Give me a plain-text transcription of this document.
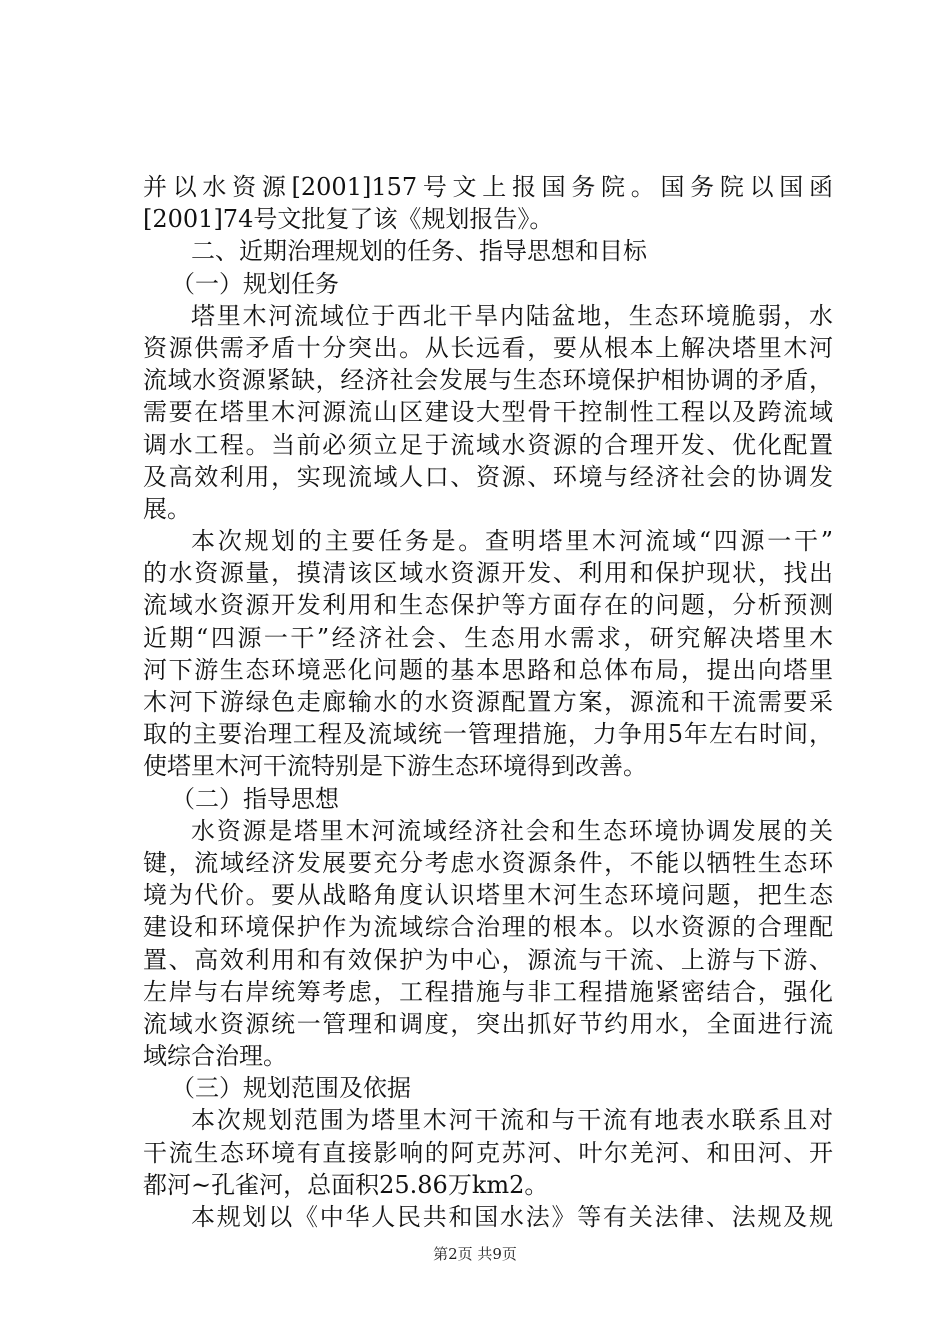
并以水资源[2001]157号文上报国务院。国务院以国函
[2001]74号文批复了该《规划报告》。
二、近期治理规划的任务、指导思想和目标
（一）规划任务
塔里木河流域位于西北干旱内陆盆地，生态环境脆弱，水
资源供需矛盾十分突出。从长远看，要从根本上解决塔里木河
流域水资源紧缺，经济社会发展与生态环境保护相协调的矛盾，
需要在塔里木河源流山区建设大型骨干控制性工程以及跨流域
调水工程。当前必须立足于流域水资源的合理开发、优化配置
及高效利用，实现流域人口、资源、环境与经济社会的协调发
展。
本次规划的主要任务是。查明塔里木河流域“四源一干”
的水资源量，摸清该区域水资源开发、利用和保护现状，找出
流域水资源开发利用和生态保护等方面存在的问题，分析预测
近期“四源一干”经济社会、生态用水需求，研究解决塔里木
河下游生态环境恶化问题的基本思路和总体布局，提出向塔里
木河下游绿色走廊输水的水资源配置方案，源流和干流需要采
取的主要治理工程及流域统一管理措施，力争用5年左右时间，
使塔里木河干流特别是下游生态环境得到改善。
（二）指导思想
水资源是塔里木河流域经济社会和生态环境协调发展的关
键，流域经济发展要充分考虑水资源条件，不能以牺牲生态环
境为代价。要从战略角度认识塔里木河生态环境问题，把生态
建设和环境保护作为流域综合治理的根本。以水资源的合理配
置、高效利用和有效保护为中心，源流与干流、上游与下游、
左岸与右岸统筹考虑，工程措施与非工程措施紧密结合，强化
流域水资源统一管理和调度，突出抓好节约用水，全面进行流
域综合治理。
（三）规划范围及依据
本次规划范围为塔里木河干流和与干流有地表水联系且对
干流生态环境有直接影响的阿克苏河、叶尔羌河、和田河、开
都河~孔雀河，总面积25.86万km2。
本规划以《中华人民共和国水法》等有关法律、法规及规
第2页 共9页
